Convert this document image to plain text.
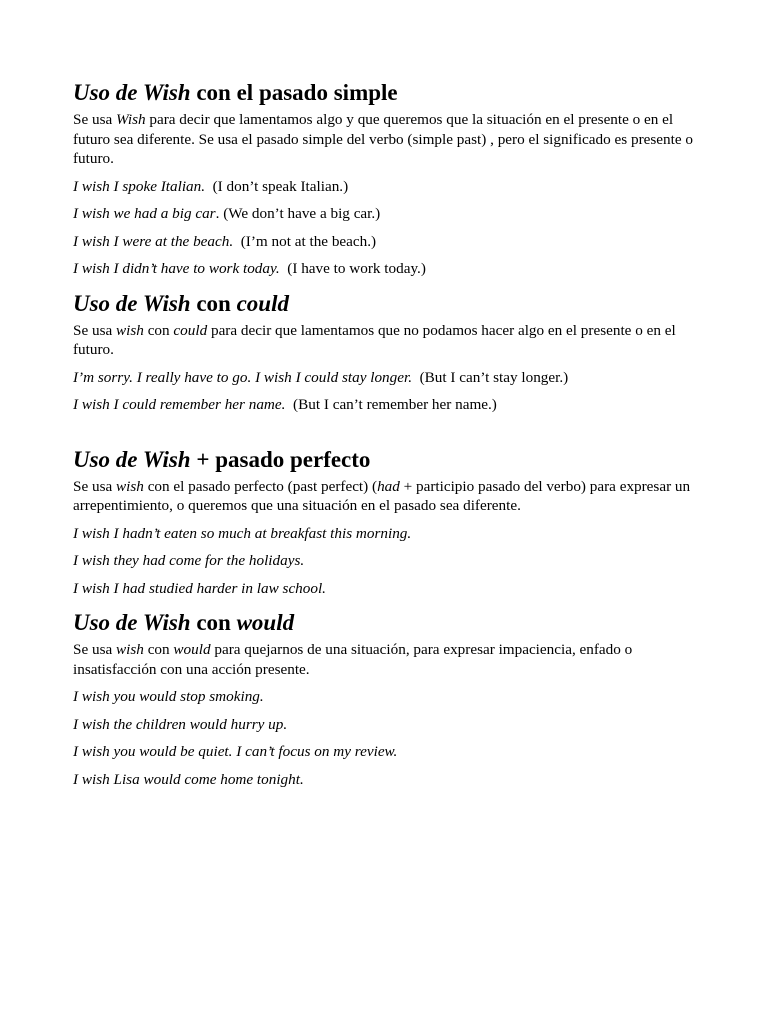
Uso de Wish con el pasado simple

Se usa Wish para decir que lamentamos algo y que queremos que la situación en el presente o en el futuro sea diferente. Se usa el pasado simple del verbo (simple past) , pero el significado es presente o futuro.

I wish I spoke Italian.  (I don’t speak Italian.)

I wish we had a big car. (We don’t have a big car.)

I wish I were at the beach.  (I’m not at the beach.)

I wish I didn’t have to work today.  (I have to work today.)

Uso de Wish con could

Se usa wish con could para decir que lamentamos que no podamos hacer algo en el presente o en el futuro.

I’m sorry. I really have to go. I wish I could stay longer.  (But I can’t stay longer.)

I wish I could remember her name.  (But I can’t remember her name.)

Uso de Wish + pasado perfecto

Se usa wish con el pasado perfecto (past perfect) (had + participio pasado del verbo) para expresar un arrepentimiento, o queremos que una situación en el pasado sea diferente.

I wish I hadn’t eaten so much at breakfast this morning.

I wish they had come for the holidays.

I wish I had studied harder in law school.

Uso de Wish con would

Se usa wish con would para quejarnos de una situación, para expresar impaciencia, enfado o insatisfacción con una acción presente.

I wish you would stop smoking.

I wish the children would hurry up.

I wish you would be quiet. I can’t focus on my review.

I wish Lisa would come home tonight.
